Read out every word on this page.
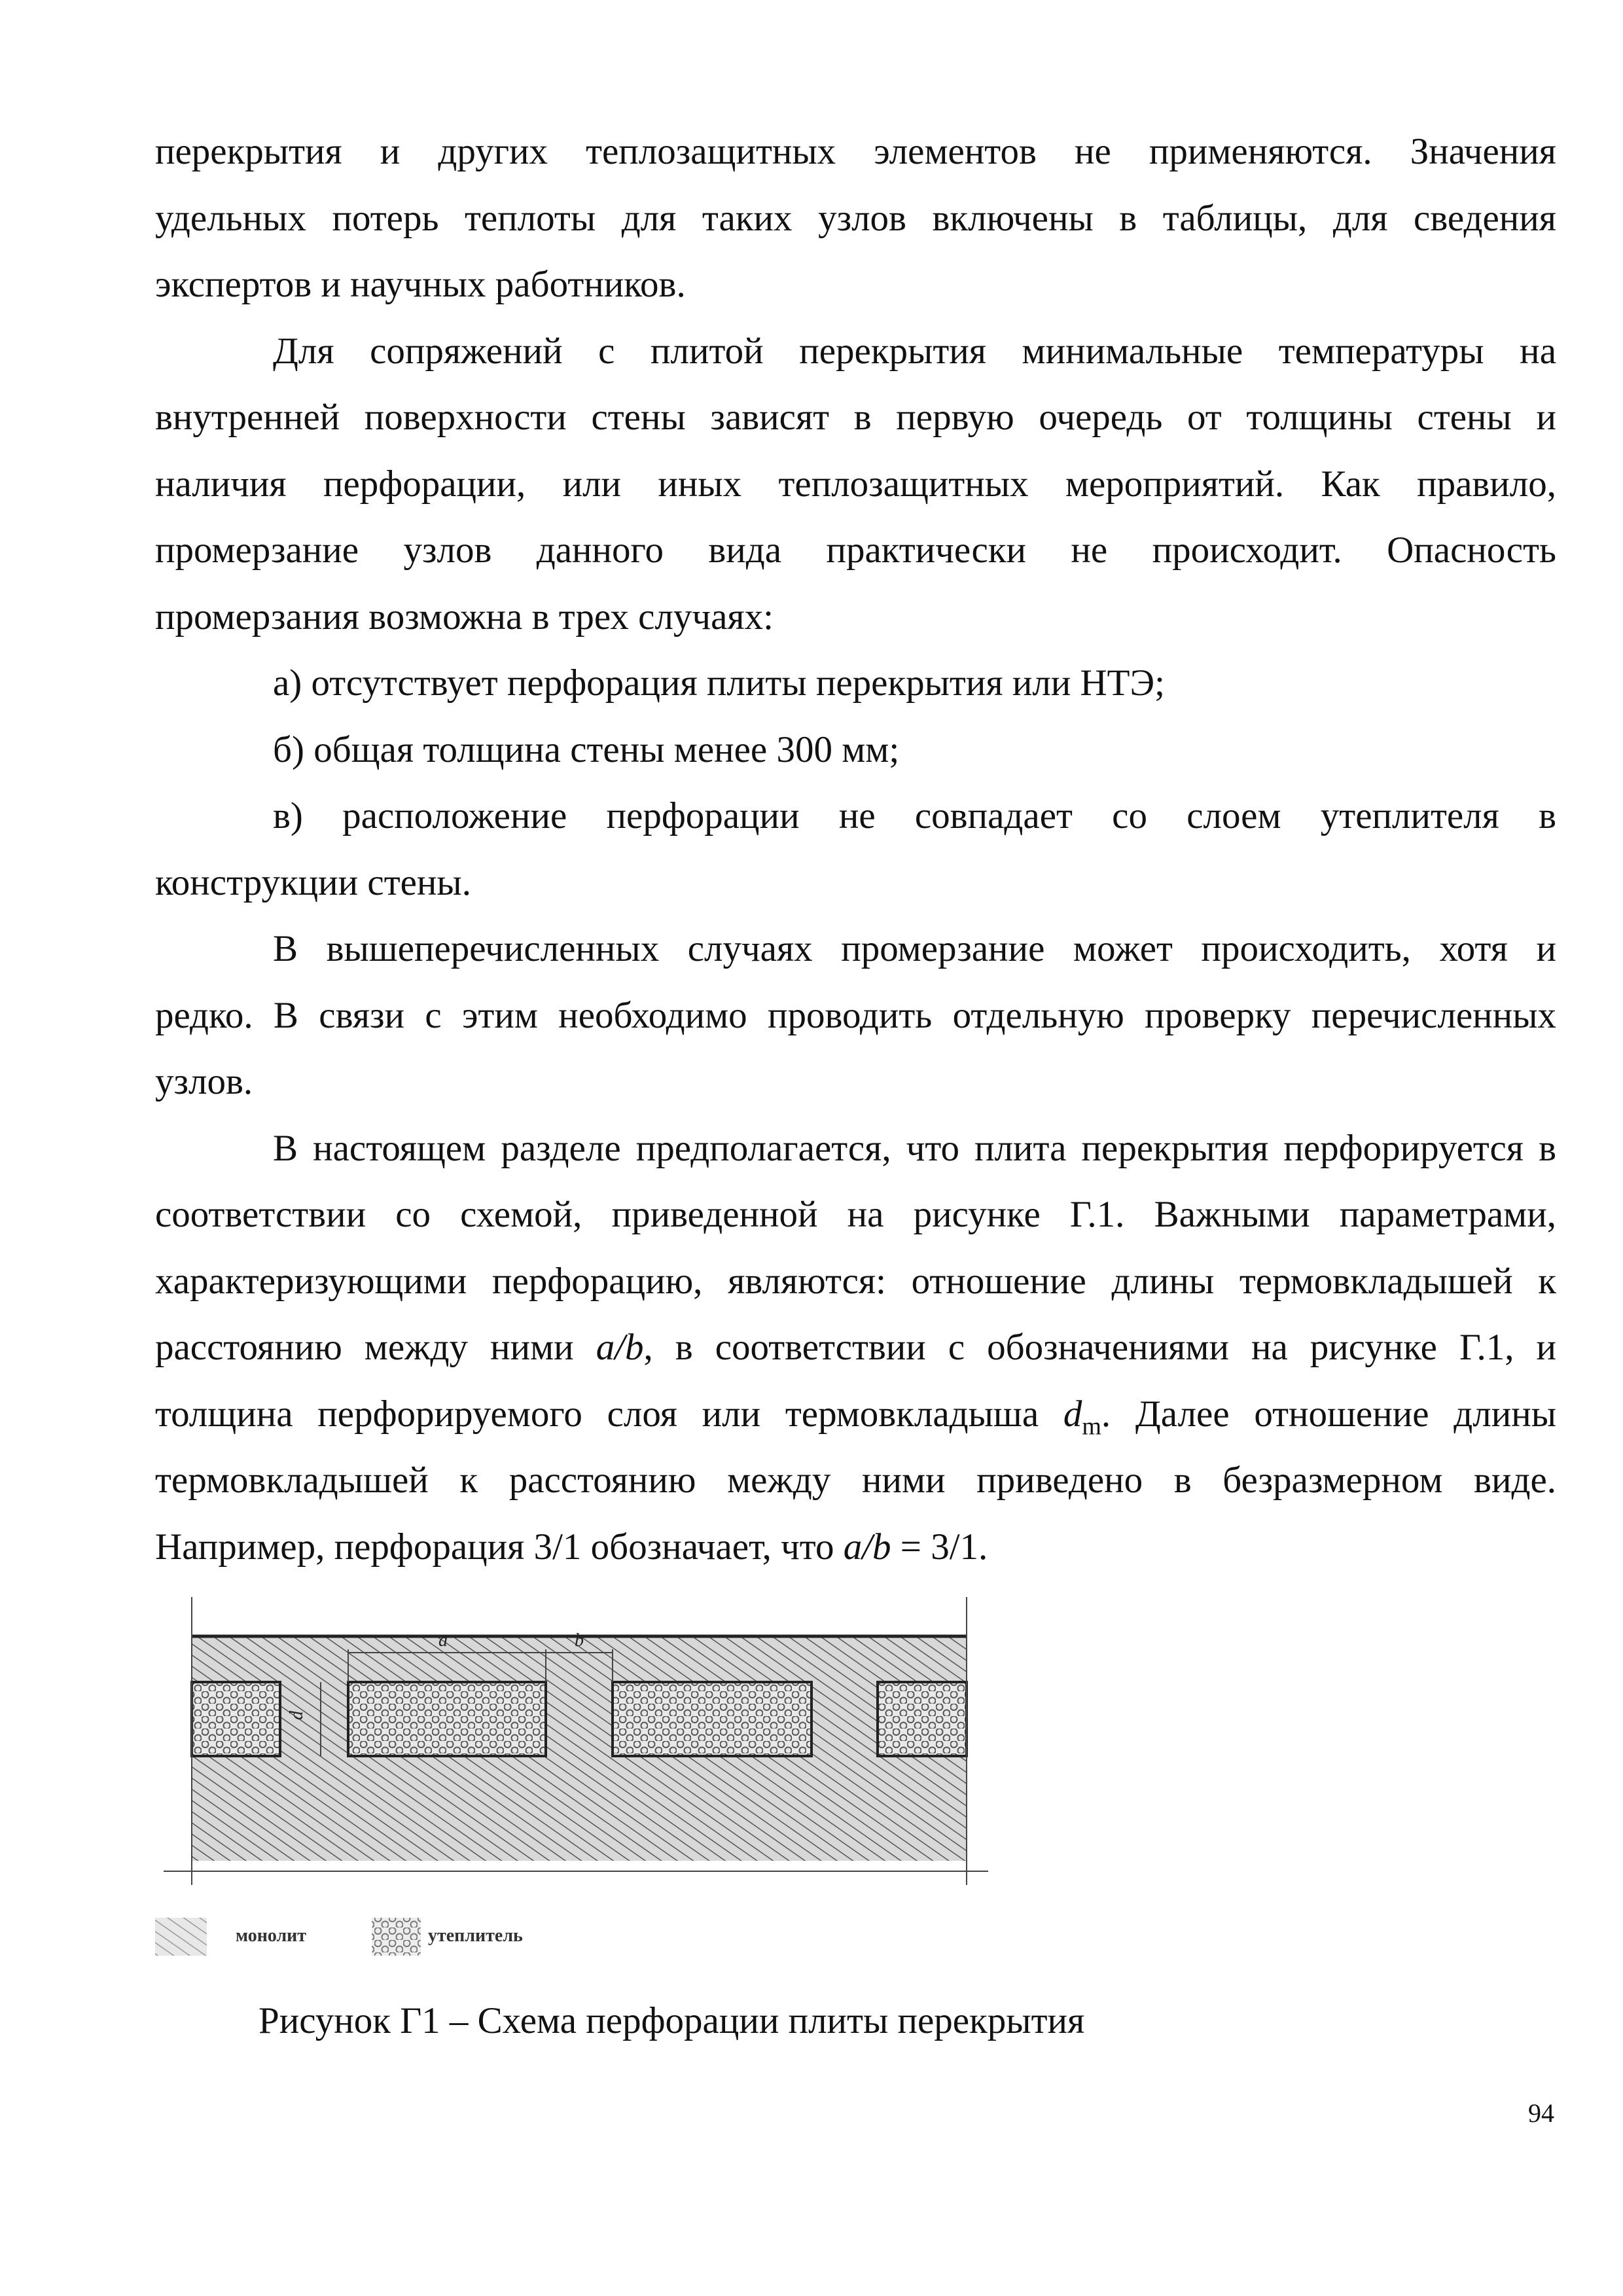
перекрытия и других теплозащитных элементов не применяются. Значения
удельных потерь теплоты для таких узлов включены в таблицы, для сведения
экспертов и научных работников.
Для сопряжений с плитой перекрытия минимальные температуры на
внутренней поверхности стены зависят в первую очередь от толщины стены и
наличия перфорации, или иных теплозащитных мероприятий. Как правило,
промерзание узлов данного вида практически не происходит. Опасность
промерзания возможна в трех случаях:
а) отсутствует перфорация плиты перекрытия или НТЭ;
б) общая толщина стены менее 300 мм;
в) расположение перфорации не совпадает со слоем утеплителя в
конструкции стены.
В вышеперечисленных случаях промерзание может происходить, хотя и
редко. В связи с этим необходимо проводить отдельную проверку перечисленных
узлов.
В настоящем разделе предполагается, что плита перекрытия перфорируется в
соответствии со схемой, приведенной на рисунке Г.1. Важными параметрами,
характеризующими перфорацию, являются: отношение длины термовкладышей к
расстоянию между ними a/b, в соответствии с обозначениями на рисунке Г.1, и
толщина перфорируемого слоя или термовкладыша $d_m$. Далее отношение длины
термовкладышей к расстоянию между ними приведено в безразмерном виде.
Например, перфорация 3/1 обозначает, что a/b = 3/1.
a	b
d
монолит	утеплитель
Рисунок Г1 – Схема перфорации плиты перекрытия
94
